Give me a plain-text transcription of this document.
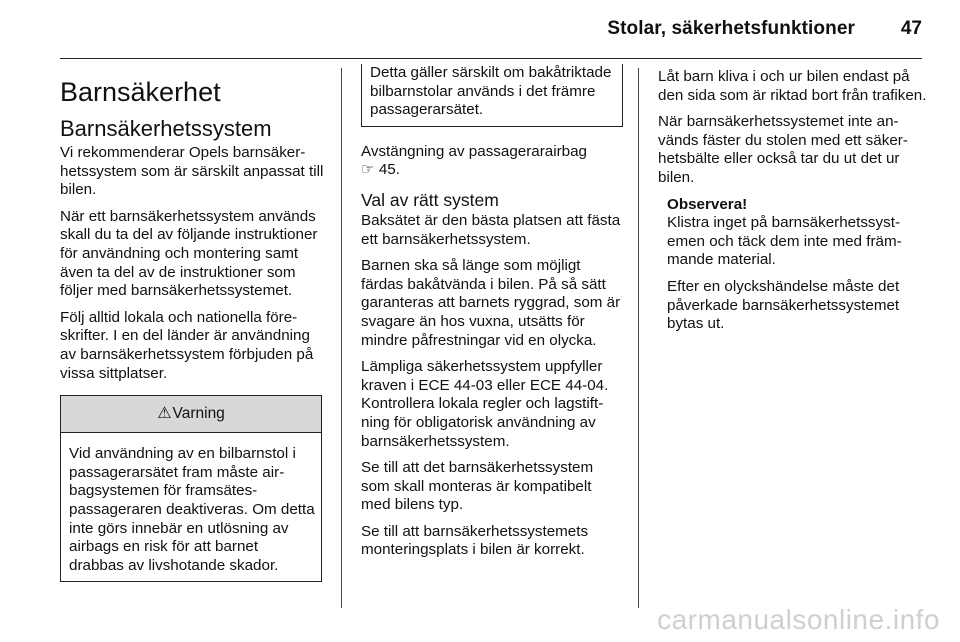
Stolar, säkerhetsfunktioner 47
Barnsäkerhet
Barnsäkerhetssystem

Vi rekommenderar Opels barnsäkerhetssystem som är särskilt anpassat till bilen.

När ett barnsäkerhetssystem används skall du ta del av följande instruktioner för användning och montering samt även ta del av de instruktioner som följer med barnsäkerhetssystemet.

Följ alltid lokala och nationella föreskrifter. I en del länder är användning av barnsäkerhetssystem förbjuden på vissa sittplatser.

⚠Varning

Vid användning av en bilbarnstol i passagerarsätet fram måste airbagsystemen för framsätespassageraren deaktiveras. Om detta inte görs innebär en utlösning av airbags en risk för att barnet drabbas av livshotande skador.

Detta gäller särskilt om bakåtriktade bilbarnstolar används i det främre passagerarsätet.

Avstängning av passagerarairbag
☞ 45.

Val av rätt system

Baksätet är den bästa platsen att fästa ett barnsäkerhetssystem.

Barnen ska så länge som möjligt färdas bakåtvända i bilen. På så sätt garanteras att barnets ryggrad, som är svagare än hos vuxna, utsätts för mindre påfrestningar vid en olycka.

Lämpliga säkerhetssystem uppfyller kraven i ECE 44-03 eller ECE 44-04. Kontrollera lokala regler och lagstiftning för obligatorisk användning av barnsäkerhetssystem.

Se till att det barnsäkerhetssystem som skall monteras är kompatibelt med bilens typ.

Se till att barnsäkerhetssystemets monteringsplats i bilen är korrekt.

Låt barn kliva i och ur bilen endast på den sida som är riktad bort från trafiken.

När barnsäkerhetssystemet inte används fäster du stolen med ett säkerhetsbälte eller också tar du ut det ur bilen.

Observera!

Klistra inget på barnsäkerhetssystemen och täck dem inte med främmande material.

Efter en olyckshändelse måste det påverkade barnsäkerhetssystemet bytas ut.

carmanualsonline.info
